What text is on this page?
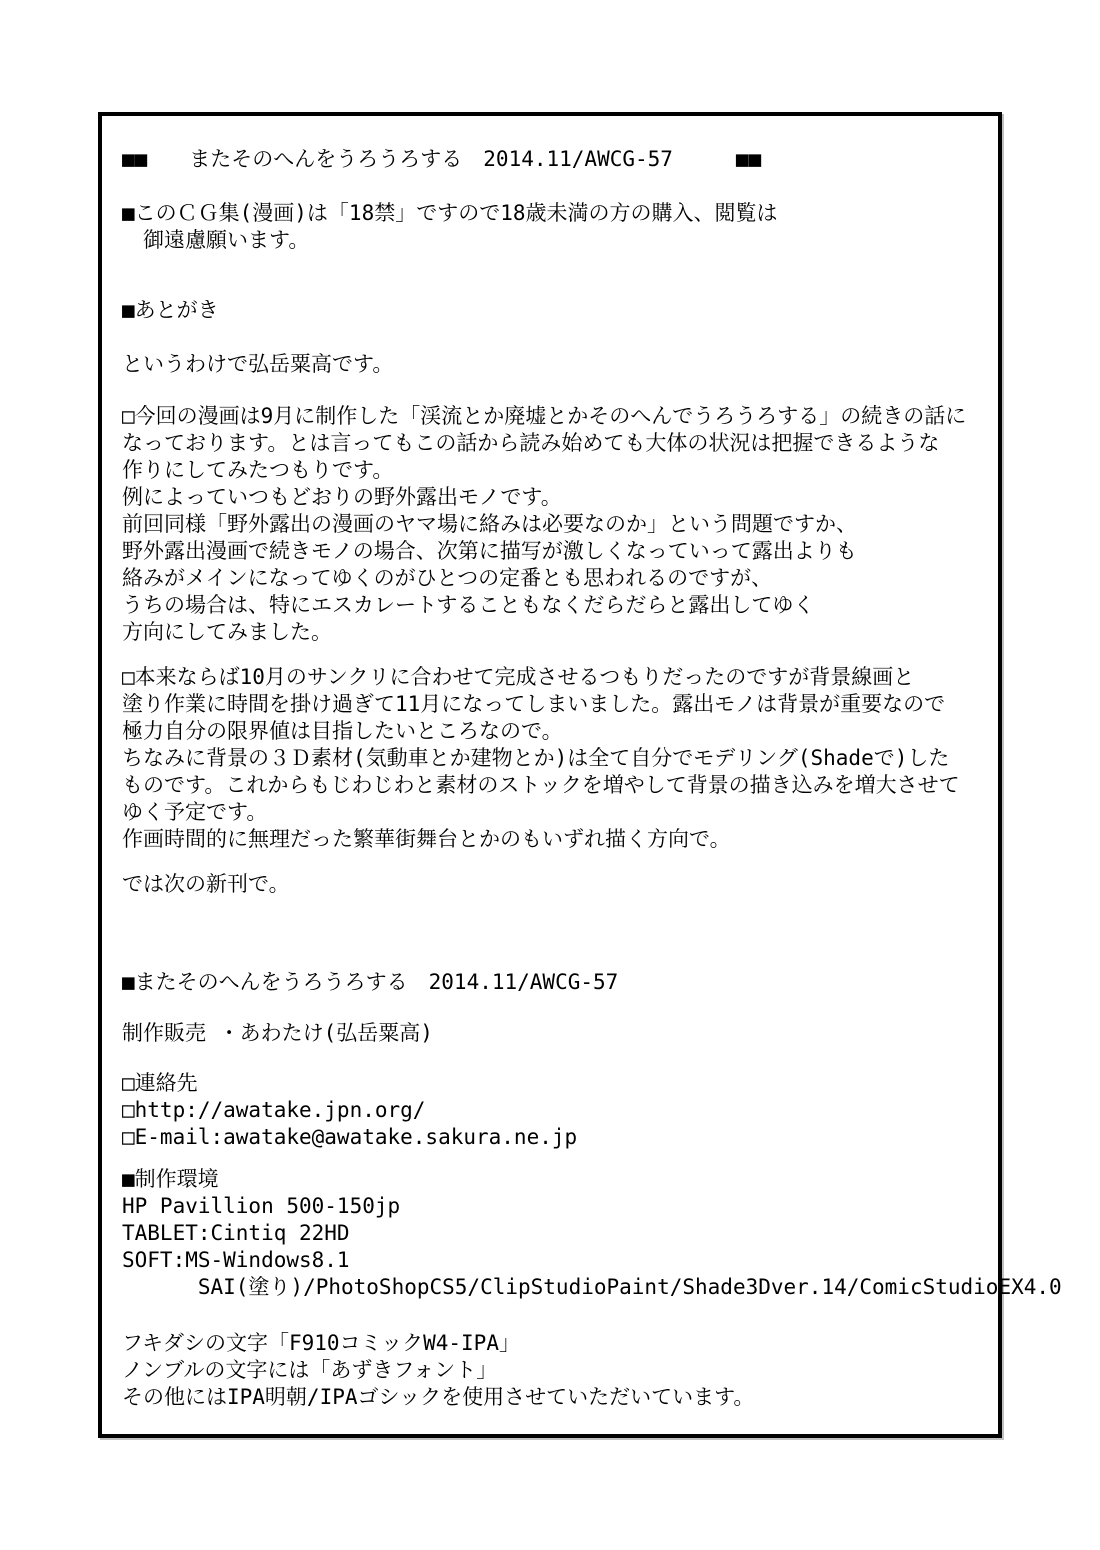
■■　　またそのへんをうろうろする　2014.11/AWCG-57　　　■■
■このＣＧ集(漫画)は「18禁」ですので18歳未満の方の購入、閲覧は
　御遠慮願います。
■あとがき
というわけで弘岳粟高です。
□今回の漫画は9月に制作した「渓流とか廃墟とかそのへんでうろうろする」の続きの話に
なっております。とは言ってもこの話から読み始めても大体の状況は把握できるような
作りにしてみたつもりです。
例によっていつもどおりの野外露出モノです。
前回同様「野外露出の漫画のヤマ場に絡みは必要なのか」という問題ですか、
野外露出漫画で続きモノの場合、次第に描写が激しくなっていって露出よりも
絡みがメインになってゆくのがひとつの定番とも思われるのですが、
うちの場合は、特にエスカレートすることもなくだらだらと露出してゆく
方向にしてみました。
□本来ならば10月のサンクリに合わせて完成させるつもりだったのですが背景線画と
塗り作業に時間を掛け過ぎて11月になってしまいました。露出モノは背景が重要なので
極力自分の限界値は目指したいところなので。
ちなみに背景の３Ｄ素材(気動車とか建物とか)は全て自分でモデリング(Shadeで)した
ものです。これからもじわじわと素材のストックを増やして背景の描き込みを増大させて
ゆく予定です。
作画時間的に無理だった繁華街舞台とかのもいずれ描く方向で。
では次の新刊で。
■またそのへんをうろうろする　2014.11/AWCG-57
制作販売 ・あわたけ(弘岳粟高)
□連絡先
□http://awatake.jpn.org/
□E-mail:awatake@awatake.sakura.ne.jp
■制作環境
HP Pavillion 500-150jp
TABLET:Cintiq 22HD
SOFT:MS-Windows8.1
SAI(塗り)/PhotoShopCS5/ClipStudioPaint/Shade3Dver.14/ComicStudioEX4.0
フキダシの文字「F910コミックW4-IPA」
ノンブルの文字には「あずきフォント」
その他にはIPA明朝/IPAゴシックを使用させていただいています。
